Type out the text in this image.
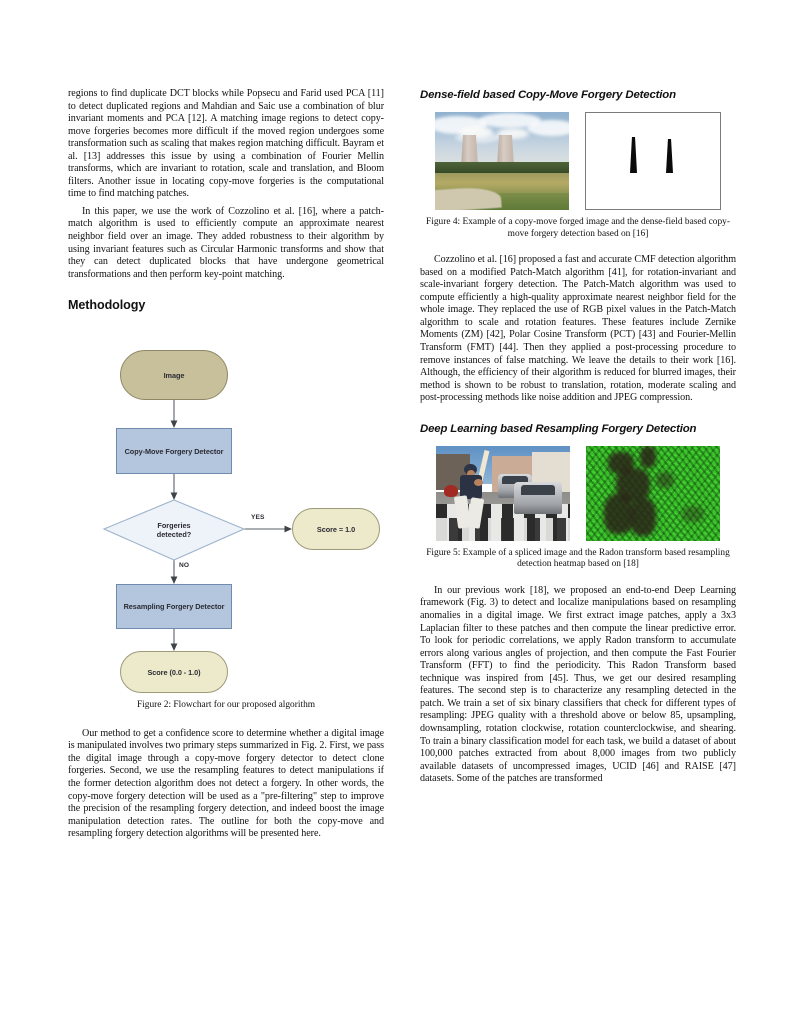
regions to find duplicate DCT blocks while Popsecu and Farid used PCA [11] to detect duplicated regions and Mahdian and Saic use a combination of blur invariant moments and PCA [12]. A matching image regions to detect copy-move forgeries becomes more difficult if the moved region undergoes some transformation such as scaling that makes region matching difficult. Bayram et al. [13] addresses this issue by using a combination of Fourier Mellin transforms, which are invariant to rotation, scale and translation, and Bloom filters. Another issue in locating copy-move forgeries is the computational time to find matching patches.

In this paper, we use the work of Cozzolino et al. [16], where a patch-match algorithm is used to efficiently compute an approximate nearest neighbor field over an image. They added robustness to their algorithm by using invariant features such as Circular Harmonic transforms and show that they can detect duplicated blocks that have undergone geometrical transformations and then perform key-point matching.

Methodology
Image
Copy-Move Forgery Detector
Forgeries
detected?
YES
NO
Score = 1.0
Resampling Forgery Detector
Score (0.0 - 1.0)
Figure 2: Flowchart for our proposed algorithm

Our method to get a confidence score to determine whether a digital image is manipulated involves two primary steps summarized in Fig. 2. First, we pass the digital image through a copy-move forgery detector to detect clone forgeries. Second, we use the resampling features to detect manipulations if the former detection algorithm does not detect a forgery. In other words, the copy-move forgery detection will be used as a "pre-filtering" step to improve the precision of the resampling forgery detection, and indeed boost the image manipulation detection rates. The outline for both the copy-move and resampling forgery detection algorithms will be presented here.

Dense-field based Copy-Move Forgery Detection
Figure 4: Example of a copy-move forged image and the dense-field based copy-move forgery detection based on [16]

Cozzolino et al. [16] proposed a fast and accurate CMF detection algorithm based on a modified Patch-Match algorithm [41], for rotation-invariant and scale-invariant forgery detection. The Patch-Match algorithm was used to compute efficiently a high-quality approximate nearest neighbor field for the whole image. They replaced the use of RGB pixel values in the Patch-Match algorithm to scale and rotation features. These features include Zernike Moments (ZM) [42], Polar Cosine Transform (PCT) [43] and Fourier-Mellin Transform (FMT) [44]. Then they applied a post-processing procedure to remove instances of false matching. We leave the details to their work [16]. Although, the efficiency of their algorithm is reduced for blurred images, their method is shown to be robust to translation, rotation, moderate scaling and post-processing methods like noise addition and JPEG compression.

Deep Learning based Resampling Forgery Detection
Figure 5: Example of a spliced image and the Radon transform based resampling detection heatmap based on [18]

In our previous work [18], we proposed an end-to-end Deep Learning framework (Fig. 3) to detect and localize manipulations based on resampling anomalies in a digital image. We first extract image patches, apply a 3x3 Laplacian filter to these patches and then compute the linear predictive error. To look for periodic correlations, we apply Radon transform to accumulate errors along various angles of projection, and then compute the Fast Fourier Transform (FFT) to find the periodicity. This Radon Transform based technique was inspired from [45]. Thus, we get our desired resampling features. The second step is to characterize any resampling detected in the patch. We train a set of six binary classifiers that check for different types of resampling: JPEG quality with a threshold above or below 85, upsampling, downsampling, rotation clockwise, rotation counterclockwise, and shearing. To train a binary classification model for each task, we build a dataset of about 100,000 patches extracted from about 8,000 images from two publicly available datasets of uncompressed images, UCID [46] and RAISE [47] datasets. Some of the patches are transformed
